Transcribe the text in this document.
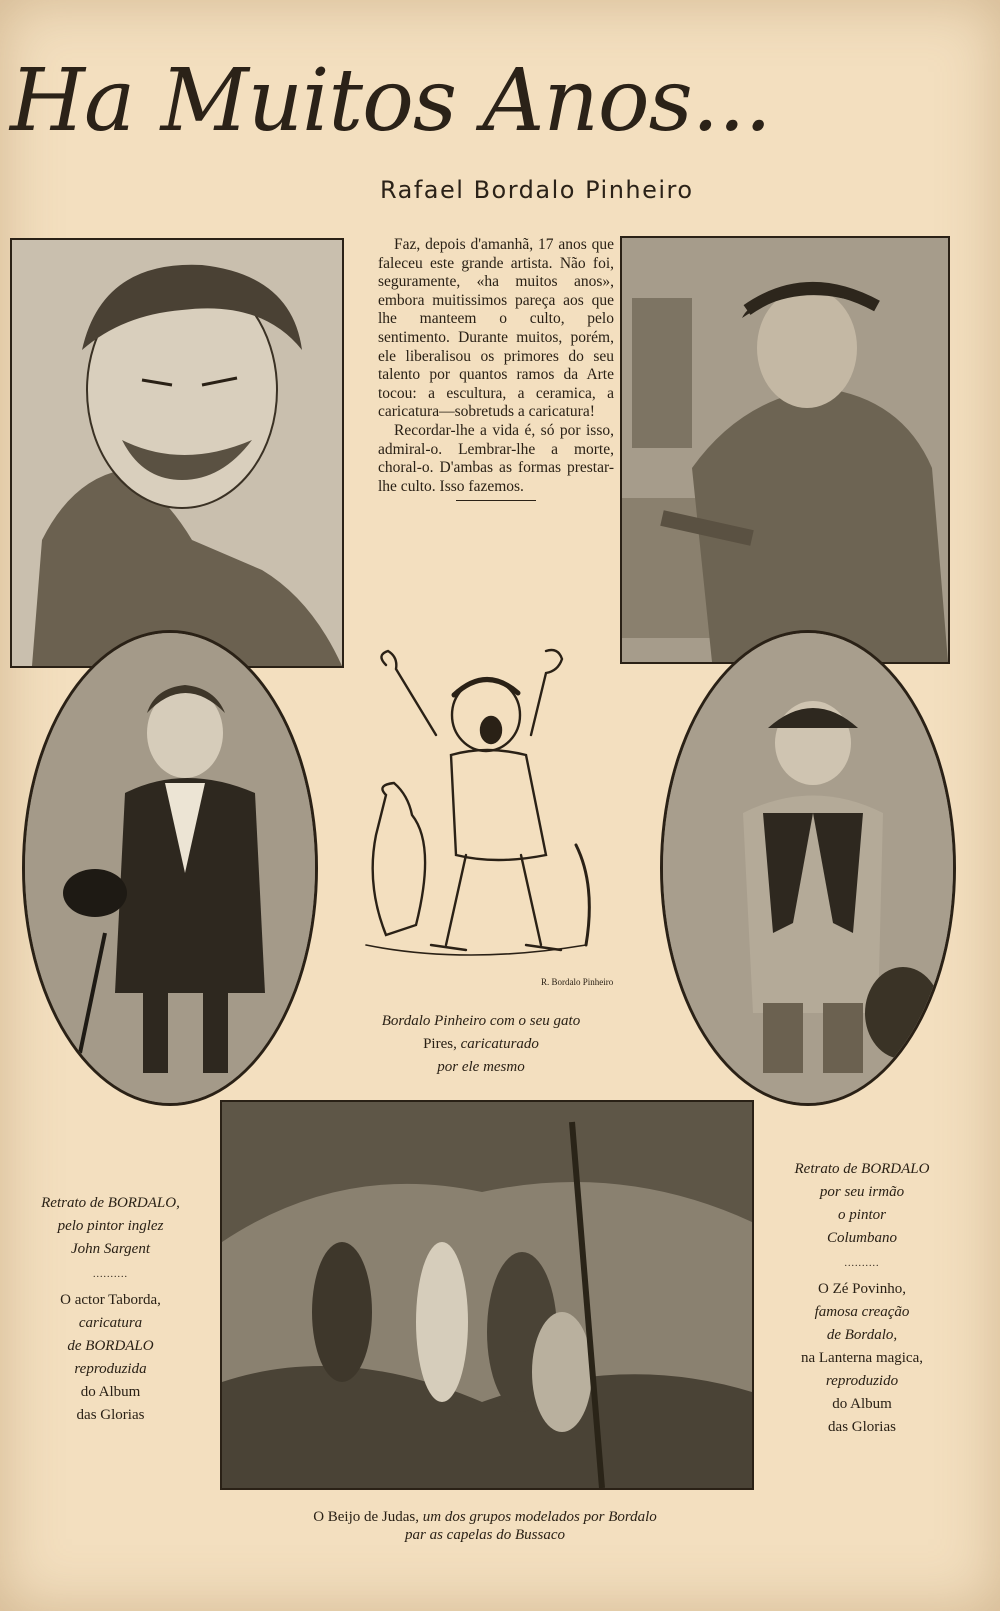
Ha Muitos Anos...
Rafael Bordalo Pinheiro

Faz, depois d'amanhã, 17 anos que faleceu este grande artista. Não foi, seguramente, «ha muitos anos», embora muitissimos pareça aos que lhe manteem o culto, pelo sentimento. Durante muitos, porém, ele liberalisou os primores do seu talento por quantos ramos da Arte tocou: a escultura, a ceramica, a caricatura—sobretuds a caricatura!

Recordar-lhe a vida é, só por isso, admiral-o. Lembrar-lhe a morte, choral-o. D'ambas as formas prestar-lhe culto. Isso fazemos.

R. Bordalo Pinheiro
Bordalo Pinheiro com o seu gato
Pires, caricaturado
por ele mesmo
Retrato de BORDALO,
pelo pintor inglez
John Sargent
..........
O actor Taborda,
caricatura
de BORDALO
reproduzida
do Album
das Glorias
Retrato de BORDALO
por seu irmão
o pintor
Columbano
..........
O Zé Povinho,
famosa creação
de Bordalo,
na Lanterna magica,
reproduzido
do Album
das Glorias
O Beijo de Judas, um dos grupos modelados por Bordalo
par as capelas do Bussaco
